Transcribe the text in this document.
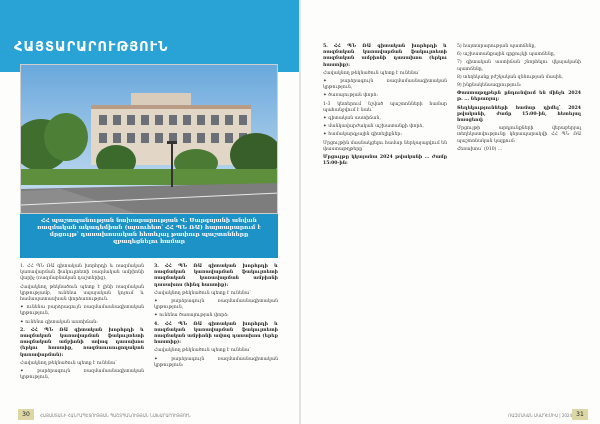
ՀԱՅՏԱՐԱՐՈՒԹՅՈՒՆ
ՀՀ պաշտպանության նախարարության Վ. Սարգսյանի անվան ռազմական ակադեմիան (այսուհետ՝ ՀՀ ՊՆ ՌԱ) հայտարարում է մրցույթ՝ դասախոսական հետևյալ թափուր պաշտոնները զբաղեցնելու համար

1. ՀՀ ՊՆ ՌԱ գիտական խորհրդի և ռազմական կառավարման ֆակուլտետի ռազմական ամբիոնի վարիչ (ռազմաբնական դաշտերից).

Հավակնող թեկնածուն պետք է լինի ռազմական կրթությամբ, ունենա սպայական կոչում և համապատասխան փորձառություն.

✦ ունենա բարձրագույն ռազմամասնագիտական կրթություն,

✦ ունենա գիտական աստիճան:

2. ՀՀ ՊՆ ՌԱ գիտական խորհրդի և ռազմական կառավարման ֆակուլտետի ռազմական ամբիոնի ավագ դասախոս (երկու հաստիք, ռազմաուսուցողական կառավարման):

Հավակնող թեկնածուն պետք է ունենա՝

✦ բարձրագույն ռազմամասնագիտական կրթություն,

3. ՀՀ ՊՆ ՌԱ գիտական խորհրդի և ռազմական կառավարման ֆակուլտետի ռազմական կառավարման ամբիոնի դասախոս (հինգ հաստիք):

Հավակնող թեկնածուն պետք է ունենա՝

✦ բարձրագույն ռազմամասնագիտական կրթություն,

✦ ունենա ծառայության փորձ:

4. ՀՀ ՊՆ ՌԱ գիտական խորհրդի և ռազմական կառավարման ֆակուլտետի ռազմական ամբիոնի ավագ դասախոս (երեք հաստիք):

Հավակնող թեկնածուն պետք է ունենա՝

✦ բարձրագույն ռազմամասնագիտական կրթություն:

30	ՀԱՅԱՍՏԱՆԻ ՀԱՆՐԱՊԵՏՈՒԹՅԱՆ ՊԱՇՏՊԱՆՈՒԹՅԱՆ ՆԱԽԱՐԱՐՈՒԹՅՈՒՆ

5. ՀՀ ՊՆ ՌԱ գիտական խորհրդի և ռազմական կառավարման ֆակուլտետի ռազմական ամբիոնի դասախոս (երկու հաստիք):

Հավակնող թեկնածուն պետք է ունենա՝

✦ բարձրագույն ռազմամասնագիտական կրթություն,

✦ ծառայության փորձ:

1-3 կետերում նշված պաշտոնների համար պահանջվում է նաև՝

✦ գիտական աստիճան,

✦ մանկավարժական աշխատանքի փորձ,

✦ համակարգչային գիտելիքներ:

Մրցույթին մասնակցելու համար ներկայացվում են փաստաթղթերը՝

Մրցույթը կկայանա 2024 թվականի ... ժամը 15:00-ին:

5) հայտարարության պատճենը,

6) աշխատանքային գրքույկի պատճենը,

7) գիտական աստիճան շնորհելու վկայականի պատճենը,

8) տեղեկանք բժշկական զննության մասին,

9) ինքնակենսագրություն:

Փաստաթղթերն ընդունվում են մինչև 2024 թ. ... ներառյալ:

Տեղեկությունների համար դիմել՝ 2024 թվականի, ժամը 15:00-ին, հետևյալ հասցեով:

Մրցույթի արդյունքների վերաբերյալ տեղեկատվությունը կհրապարակվի ՀՀ ՊՆ ՌԱ պաշտոնական կայքում:

Հեռախոս՝ (010) ...

ՌԱԶՄԱԿԱՆ ԱԿԱԴԵՄԻԱ | 2024 31
